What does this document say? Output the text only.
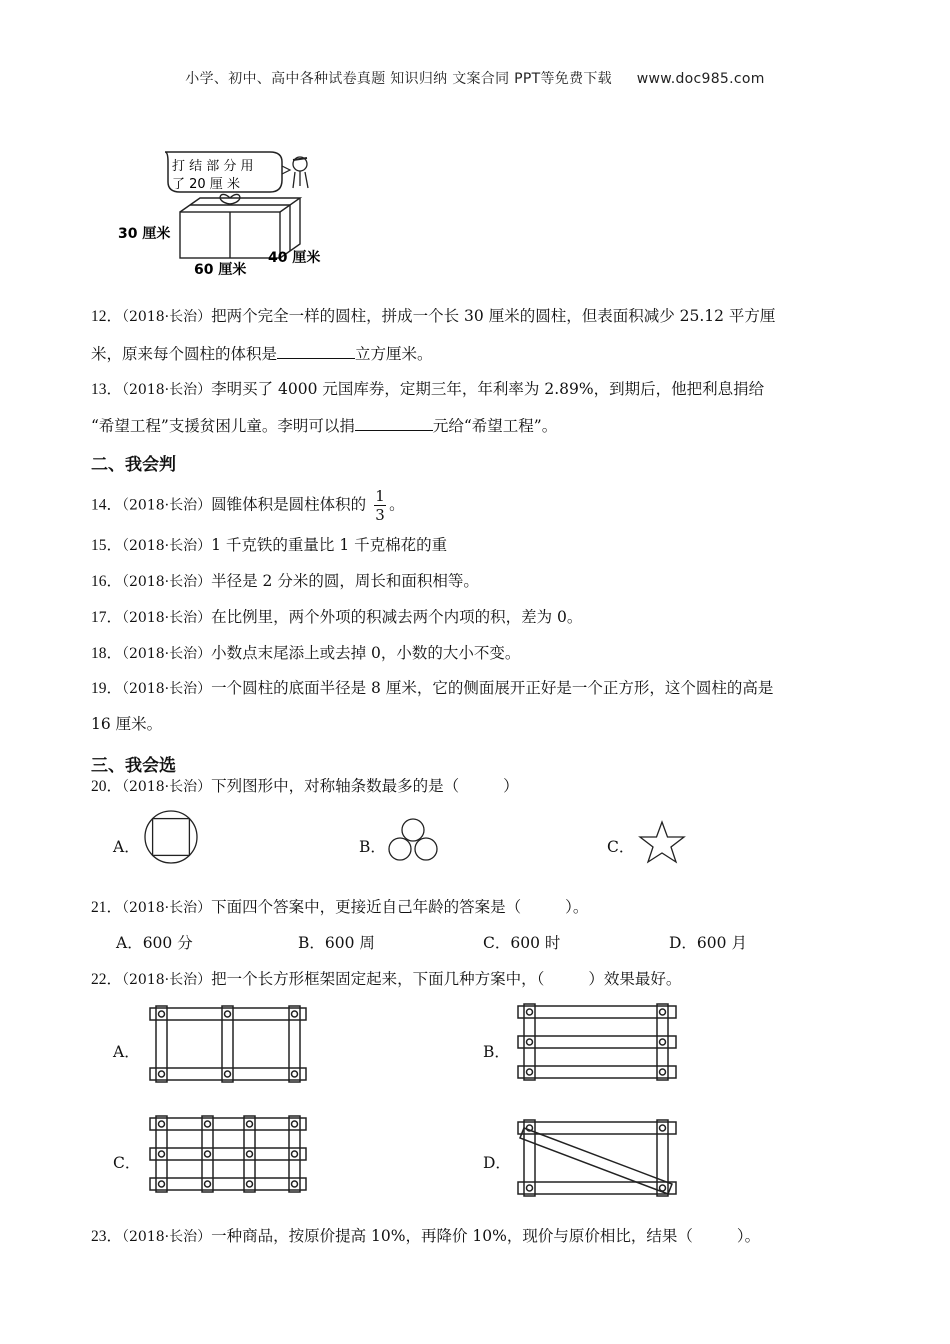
小学、初中、高中各种试卷真题 知识归纳 文案合同 PPT等免费下载 www.doc985.com
打 结 部 分 用
了 20 厘 米
30 厘米
60 厘米
40 厘米
12．（2018·长治）把两个完全一样的圆柱，拼成一个长 30 厘米的圆柱，但表面积减少 25.12 平方厘
米，原来每个圆柱的体积是	立方厘米。
13．（2018·长治）李明买了 4000 元国库券，定期三年，年利率为 2.89%，到期后，他把利息捐给
“希望工程”支援贫困儿童。李明可以捐	元给“希望工程”。
二、我会判
14．（2018·长治）圆锥体积是圆柱体积的 $\frac{1}{3}$ 。
15．（2018·长治）1 千克铁的重量比 1 千克棉花的重
16．（2018·长治）半径是 2 分米的圆，周长和面积相等。
17．（2018·长治）在比例里，两个外项的积减去两个内项的积，差为 0。
18．（2018·长治）小数点末尾添上或去掉 0，小数的大小不变。
19．（2018·长治）一个圆柱的底面半径是 8 厘米，它的侧面展开正好是一个正方形，这个圆柱的高是
16 厘米。
三、我会选
20．（2018·长治）下列图形中，对称轴条数最多的是（	）
A．	B．	C．
21．（2018·长治）下面四个答案中，更接近自己年龄的答案是（	）。
A．600 分	B．600 周	C．600 时	D．600 月
22．（2018·长治）把一个长方形框架固定起来，下面几种方案中，（	）效果最好。
A．	B．
C．	D．
23．（2018·长治）一种商品，按原价提高 10%，再降价 10%，现价与原价相比，结果（	）。
